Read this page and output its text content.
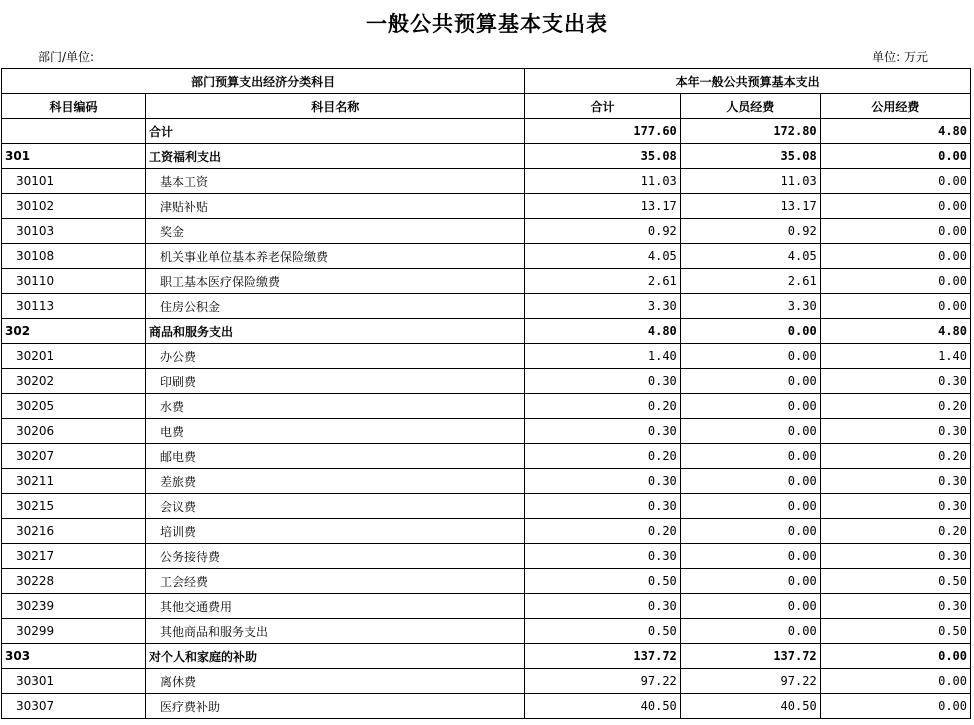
一般公共预算基本支出表
部门/单位:	单位: 万元
部门预算支出经济分类科目		本年一般公共预算基本支出		
科目编码	科目名称	合计	人员经费	公用经费
	合计	177.60	172.80	4.80
301	工资福利支出	35.08	35.08	0.00
30101	基本工资	11.03	11.03	0.00
30102	津贴补贴	13.17	13.17	0.00
30103	奖金	0.92	0.92	0.00
30108	机关事业单位基本养老保险缴费	4.05	4.05	0.00
30110	职工基本医疗保险缴费	2.61	2.61	0.00
30113	住房公积金	3.30	3.30	0.00
302	商品和服务支出	4.80	0.00	4.80
30201	办公费	1.40	0.00	1.40
30202	印刷费	0.30	0.00	0.30
30205	水费	0.20	0.00	0.20
30206	电费	0.30	0.00	0.30
30207	邮电费	0.20	0.00	0.20
30211	差旅费	0.30	0.00	0.30
30215	会议费	0.30	0.00	0.30
30216	培训费	0.20	0.00	0.20
30217	公务接待费	0.30	0.00	0.30
30228	工会经费	0.50	0.00	0.50
30239	其他交通费用	0.30	0.00	0.30
30299	其他商品和服务支出	0.50	0.00	0.50
303	对个人和家庭的补助	137.72	137.72	0.00
30301	离休费	97.22	97.22	0.00
30307	医疗费补助	40.50	40.50	0.00
